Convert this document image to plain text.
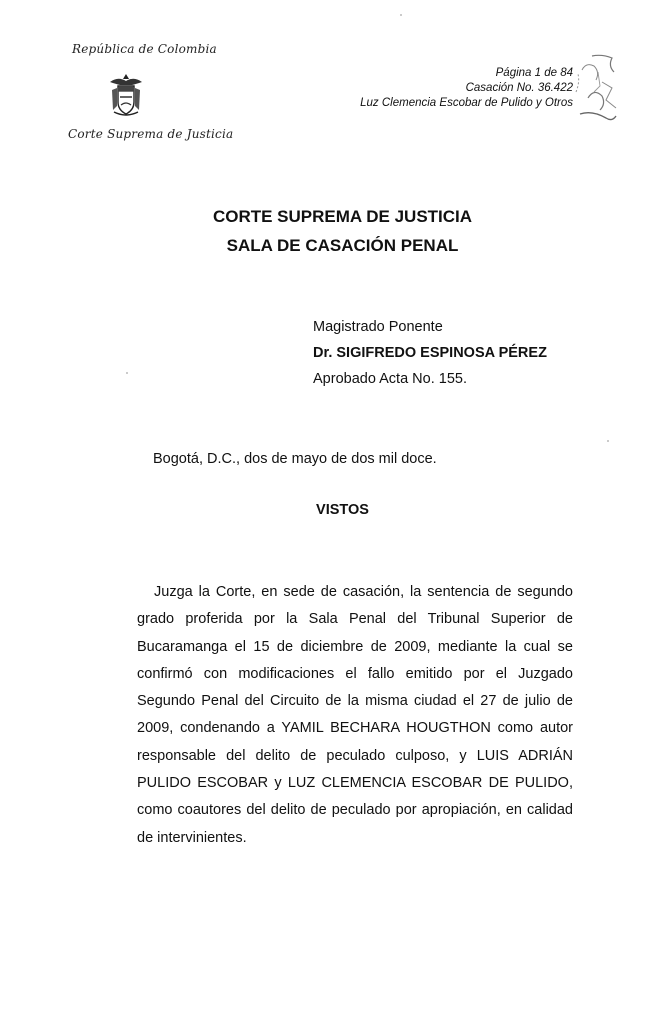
República de Colombia
Corte Suprema de Justicia
Página 1 de 84
Casación No. 36.422
Luz Clemencia Escobar de Pulido y Otros
CORTE SUPREMA DE JUSTICIA
SALA DE CASACIÓN PENAL
Magistrado Ponente
Dr. SIGIFREDO ESPINOSA PÉREZ
Aprobado Acta No. 155.
Bogotá, D.C., dos de mayo de dos mil doce.
VISTOS

Juzga la Corte, en sede de casación, la sentencia de segundo grado proferida por la Sala Penal del Tribunal Superior de Bucaramanga el 15 de diciembre de 2009, mediante la cual se confirmó con modificaciones el fallo emitido por el Juzgado Segundo Penal del Circuito de la misma ciudad el 27 de julio de 2009, condenando a YAMIL BECHARA HOUGTHON como autor responsable del delito de peculado culposo, y LUIS ADRIÁN PULIDO ESCOBAR y LUZ CLEMENCIA ESCOBAR DE PULIDO, como coautores del delito de peculado por apropiación, en calidad de intervinientes.
